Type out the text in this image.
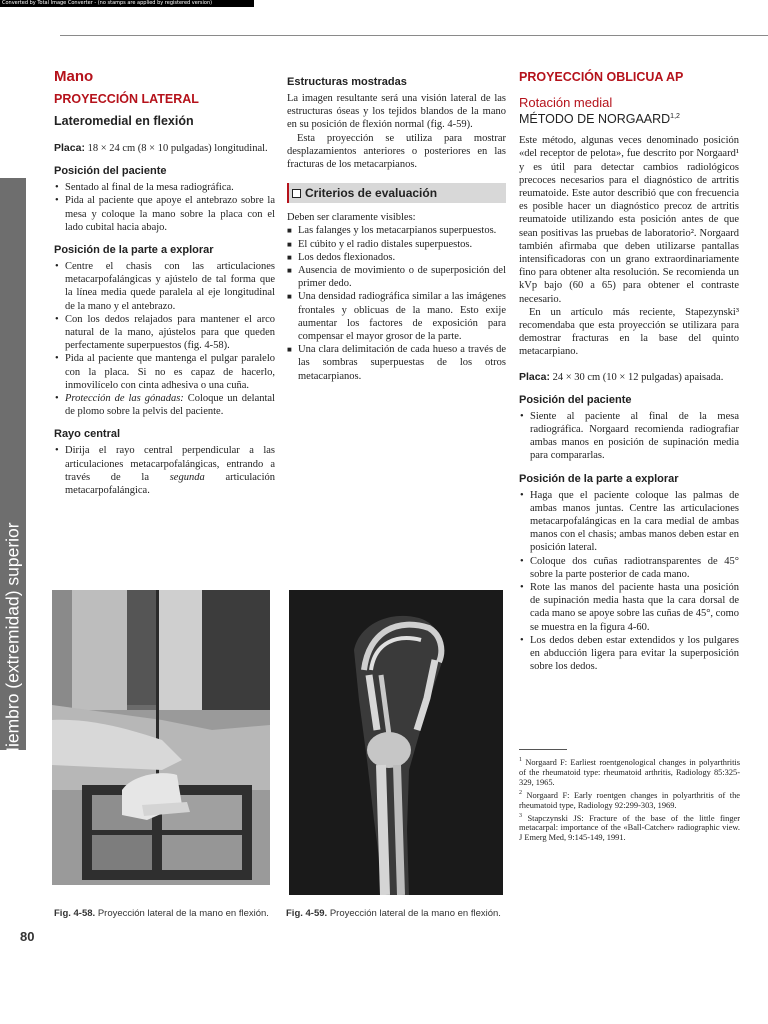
Converted by Total Image Converter - (no stamps are applied by registered version)
Miembro (extremidad) superior
Mano
PROYECCIÓN LATERAL
Lateromedial en flexión

Placa: 18 × 24 cm (8 × 10 pulgadas) longitudinal.

Posición del paciente
• Sentado al final de la mesa radiográfica.
• Pida al paciente que apoye el antebrazo sobre la mesa y coloque la mano sobre la placa con el lado cubital hacia abajo.
Posición de la parte a explorar
• Centre el chasis con las articulaciones metacarpofalángicas y ajústelo de tal forma que la línea media quede paralela al eje longitudinal de la mano y el antebrazo.
• Con los dedos relajados para mantener el arco natural de la mano, ajústelos para que queden perfectamente superpuestos (fig. 4-58).
• Pida al paciente que mantenga el pulgar paralelo con la placa. Si no es capaz de hacerlo, inmovilícelo con cinta adhesiva o una cuña.
• Protección de las gónadas: Coloque un delantal de plomo sobre la pelvis del paciente.
Rayo central
• Dirija el rayo central perpendicular a las articulaciones metacarpofalángicas, entrando a través de la segunda articulación metacarpofalángica.
Estructuras mostradas

La imagen resultante será una visión lateral de las estructuras óseas y los tejidos blandos de la mano en su posición de flexión normal (fig. 4-59).

Esta proyección se utiliza para mostrar desplazamientos anteriores o posteriores en las fracturas de los metacarpianos.

Criterios de evaluación

Deben ser claramente visibles:

■ Las falanges y los metacarpianos superpuestos.
■ El cúbito y el radio distales superpuestos.
■ Los dedos flexionados.
■ Ausencia de movimiento o de superposición del primer dedo.
■ Una densidad radiográfica similar a las imágenes frontales y oblicuas de la mano. Esto exije aumentar los factores de exposición para compensar el mayor grosor de la parte.
■ Una clara delimitación de cada hueso a través de las sombras superpuestas de los otros metacarpianos.
PROYECCIÓN OBLICUA AP
Rotación medial
MÉTODO DE NORGAARD$^{1,2}$

Este método, algunas veces denominado posición «del receptor de pelota», fue descrito por Norgaard¹ y es útil para detectar cambios radiológicos precoces necesarios para el diagnóstico de artritis reumatoide. Este autor describió que con frecuencia es posible hacer un diagnóstico precoz de artritis reumatoide utilizando esta posición antes de que sean positivas las pruebas de laboratorio². Norgaard también afirmaba que deben utilizarse pantallas intensificadoras con un grano extraordinariamente fino para obtener alta resolución. Se recomienda un kVp bajo (60 a 65) para obtener el contraste necesario.

En un artículo más reciente, Stapezynski³ recomendaba que esta proyección se utilizara para demostrar fracturas en la base del quinto metacarpiano.

Placa: 24 × 30 cm (10 × 12 pulgadas) apaisada.

Posición del paciente
• Siente al paciente al final de la mesa radiográfica. Norgaard recomienda radiografiar ambas manos en posición de supinación media para compararlas.
Posición de la parte a explorar
• Haga que el paciente coloque las palmas de ambas manos juntas. Centre las articulaciones metacarpofalángicas en la cara medial de ambas manos con el chasis; ambas manos deben estar en posición lateral.
• Coloque dos cuñas radiotransparentes de 45° sobre la parte posterior de cada mano.
• Rote las manos del paciente hasta una posición de supinación media hasta que la cara dorsal de cada mano se apoye sobre las cuñas de 45°, como se muestra en la figura 4-60.
• Los dedos deben estar extendidos y los pulgares en abducción ligera para evitar la superposición sobre los dedos.

$^1$ Norgaard F: Earliest roentgenological changes in polyarthritis of the rheumatoid type: rheumatoid arthritis, Radiology 85:325-329, 1965.

$^2$ Norgaard F: Early roentgen changes in polyarthritis of the rheumatoid type, Radiology 92:299-303, 1969.

$^3$ Stapczynski JS: Fracture of the base of the little finger metacarpal: importance of the «Ball-Catcher» radiographic view. J Emerg Med, 9:145-149, 1991.

Fig. 4-58. Proyección lateral de la mano en flexión. Fig. 4-59. Proyección lateral de la mano en flexión.
80
